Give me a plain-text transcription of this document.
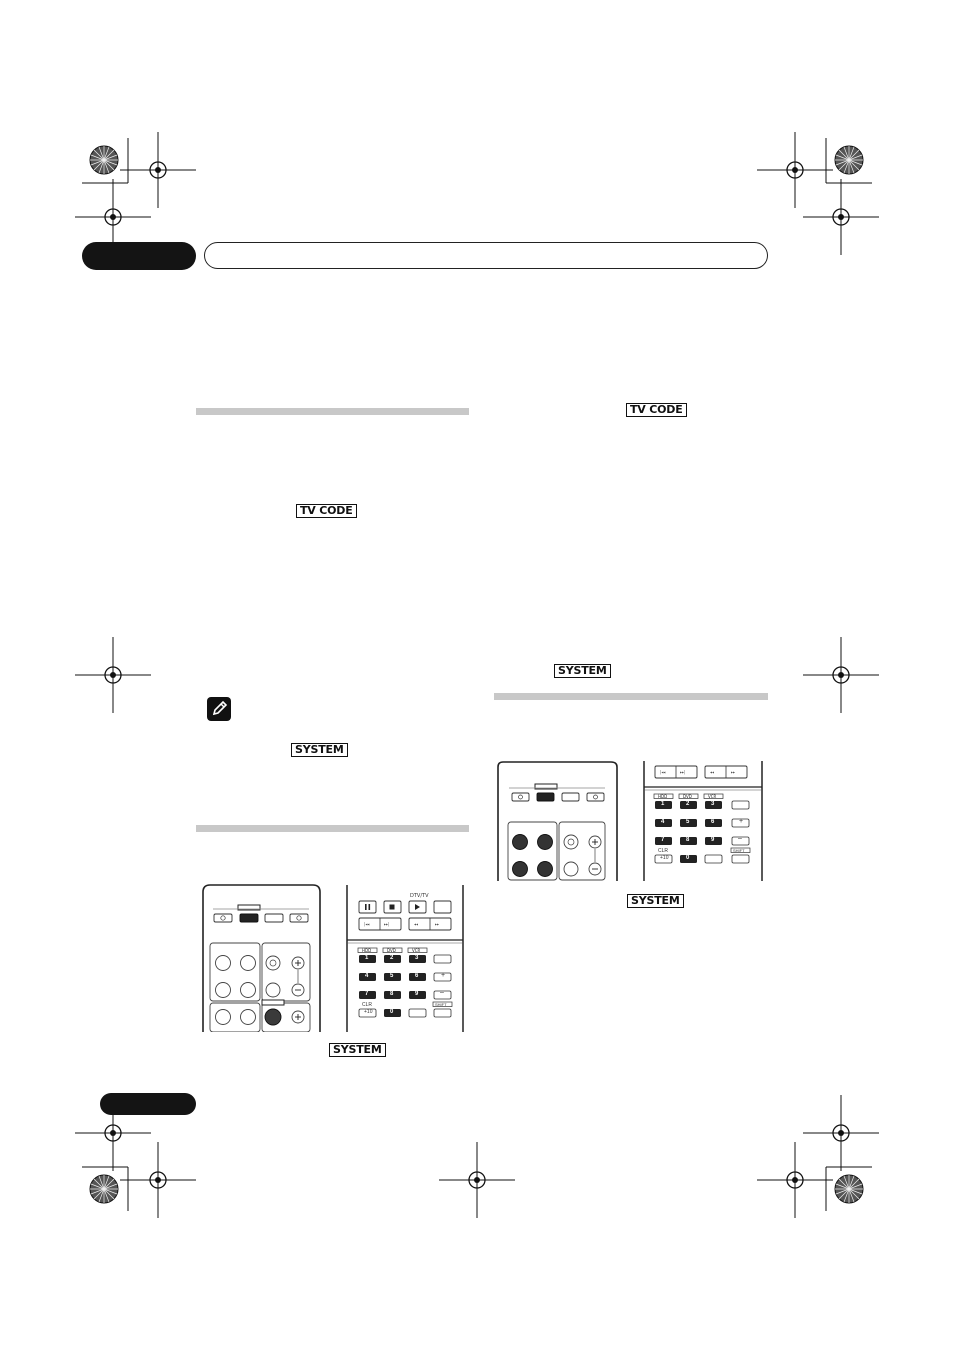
TV CODE
TV CODE
SYSTEM
SYSTEM
SYSTEM
SYSTEM
|◂◂	▸▸|	◂◂	▸▸
DTV/TV
HDD	DVD	VCR
1	2	3
4	5	6
7	8	9
0
CLR
+10
SHIFT
+
–
|◂◂	▸▸|	◂◂	▸▸
HDD	DVD	VCR
1	2	3
4	5	6
7	8	9
0
CLR
+10
SHIFT
+
–
